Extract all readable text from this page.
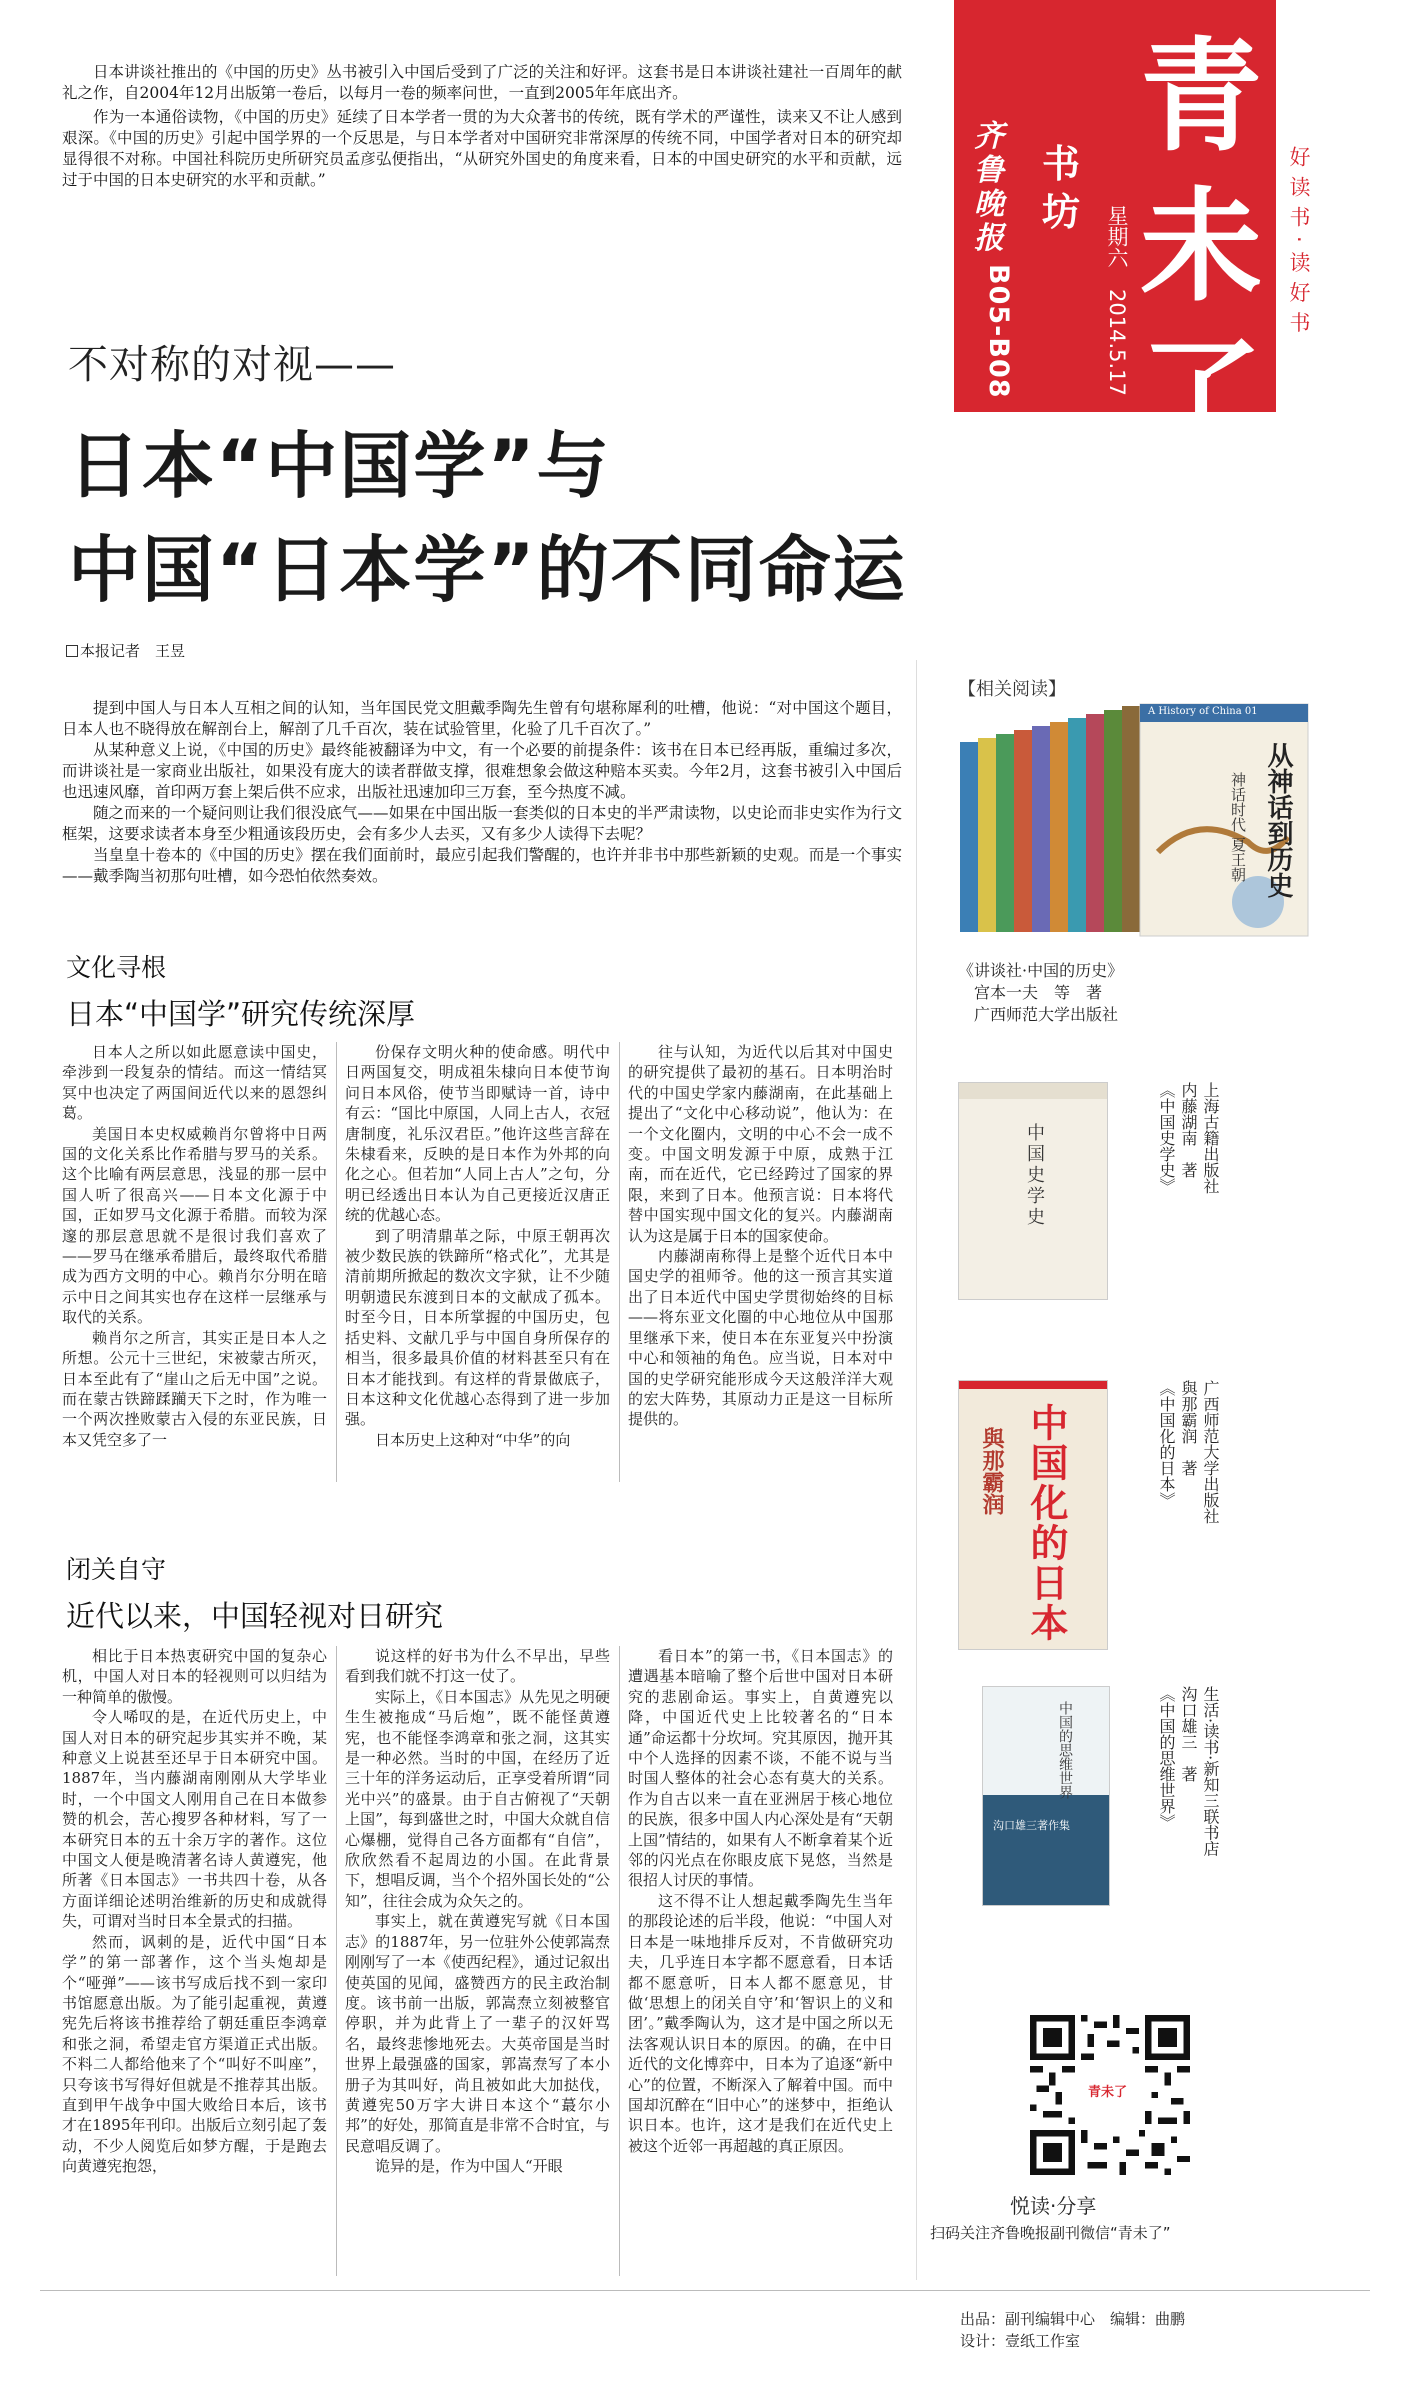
日本讲谈社推出的《中国的历史》丛书被引入中国后受到了广泛的关注和好评。这套书是日本讲谈社建社一百周年的献礼之作，自2004年12月出版第一卷后，以每月一卷的频率问世，一直到2005年年底出齐。

作为一本通俗读物，《中国的历史》延续了日本学者一贯的为大众著书的传统，既有学术的严谨性，读来又不让人感到艰深。《中国的历史》引起中国学界的一个反思是，与日本学者对中国研究非常深厚的传统不同，中国学者对日本的研究却显得很不对称。中国社科院历史所研究员孟彦弘便指出，“从研究外国史的角度来看，日本的中国史研究的水平和贡献，远过于中国的日本史研究的水平和贡献。”

齐鲁晚报
B05-B08
书坊 星期六　2014.5.17
青未了
好读书·读好书
不对称的对视——
日本“中国学”与
中国“日本学”的不同命运
本报记者　王昱

提到中国人与日本人互相之间的认知，当年国民党文胆戴季陶先生曾有句堪称犀利的吐槽，他说：“对中国这个题目，日本人也不晓得放在解剖台上，解剖了几千百次，装在试验管里，化验了几千百次了。”

从某种意义上说，《中国的历史》最终能被翻译为中文，有一个必要的前提条件：该书在日本已经再版，重编过多次，而讲谈社是一家商业出版社，如果没有庞大的读者群做支撑，很难想象会做这种赔本买卖。今年2月，这套书被引入中国后也迅速风靡，首印两万套上架后供不应求，出版社迅速加印三万套，至今热度不减。

随之而来的一个疑问则让我们很没底气——如果在中国出版一套类似的日本史的半严肃读物，以史论而非史实作为行文框架，这要求读者本身至少粗通该段历史，会有多少人去买，又有多少人读得下去呢？

当皇皇十卷本的《中国的历史》摆在我们面前时，最应引起我们警醒的，也许并非书中那些新颖的史观。而是一个事实——戴季陶当初那句吐槽，如今恐怕依然奏效。

文化寻根
日本“中国学”研究传统深厚

日本人之所以如此愿意读中国史，牵涉到一段复杂的情结。而这一情结冥冥中也决定了两国间近代以来的恩怨纠葛。

美国日本史权威赖肖尔曾将中日两国的文化关系比作希腊与罗马的关系。这个比喻有两层意思，浅显的那一层中国人听了很高兴——日本文化源于中国，正如罗马文化源于希腊。而较为深邃的那层意思就不是很讨我们喜欢了——罗马在继承希腊后，最终取代希腊成为西方文明的中心。赖肖尔分明在暗示中日之间其实也存在这样一层继承与取代的关系。

赖肖尔之所言，其实正是日本人之所想。公元十三世纪，宋被蒙古所灭，日本至此有了“崖山之后无中国”之说。而在蒙古铁蹄蹂躏天下之时，作为唯一一个两次挫败蒙古入侵的东亚民族，日本又凭空多了一

份保存文明火种的使命感。明代中日两国复交，明成祖朱棣向日本使节询问日本风俗，使节当即赋诗一首，诗中有云：“国比中原国，人同上古人，衣冠唐制度，礼乐汉君臣。”他许这些言辞在朱棣看来，反映的是日本作为外邦的向化之心。但若加“人同上古人”之句，分明已经透出日本认为自己更接近汉唐正统的优越心态。

到了明清鼎革之际，中原王朝再次被少数民族的铁蹄所“格式化”，尤其是清前期所掀起的数次文字狱，让不少随明朝遗民东渡到日本的文献成了孤本。时至今日，日本所掌握的中国历史，包括史料、文献几乎与中国自身所保存的相当，很多最具价值的材料甚至只有在日本才能找到。有这样的背景做底子，日本这种文化优越心态得到了进一步加强。

日本历史上这种对“中华”的向

往与认知，为近代以后其对中国史的研究提供了最初的基石。日本明治时代的中国史学家内藤湖南，在此基础上提出了“文化中心移动说”，他认为：在一个文化圈内，文明的中心不会一成不变。中国文明发源于中原，成熟于江南，而在近代，它已经跨过了国家的界限，来到了日本。他预言说：日本将代替中国实现中国文化的复兴。内藤湖南认为这是属于日本的国家使命。

内藤湖南称得上是整个近代日本中国史学的祖师爷。他的这一预言其实道出了日本近代中国史学贯彻始终的目标——将东亚文化圈的中心地位从中国那里继承下来，使日本在东亚复兴中扮演中心和领袖的角色。应当说，日本对中国的史学研究能形成今天这般洋洋大观的宏大阵势，其原动力正是这一目标所提供的。

闭关自守
近代以来，中国轻视对日研究

相比于日本热衷研究中国的复杂心机，中国人对日本的轻视则可以归结为一种简单的傲慢。

令人唏叹的是，在近代历史上，中国人对日本的研究起步其实并不晚，某种意义上说甚至还早于日本研究中国。1887年，当内藤湖南刚刚从大学毕业时，一个中国文人刚用自己在日本做参赞的机会，苦心搜罗各种材料，写了一本研究日本的五十余万字的著作。这位中国文人便是晚清著名诗人黄遵宪，他所著《日本国志》一书共四十卷，从各方面详细论述明治维新的历史和成就得失，可谓对当时日本全景式的扫描。

然而，讽刺的是，近代中国“日本学”的第一部著作，这个当头炮却是个“哑弹”——该书写成后找不到一家印书馆愿意出版。为了能引起重视，黄遵宪先后将该书推荐给了朝廷重臣李鸿章和张之洞，希望走官方渠道正式出版。不料二人都给他来了个“叫好不叫座”，只夸该书写得好但就是不推荐其出版。直到甲午战争中国大败给日本后，该书才在1895年刊印。出版后立刻引起了轰动，不少人阅览后如梦方醒，于是跑去向黄遵宪抱怨，

说这样的好书为什么不早出，早些看到我们就不打这一仗了。

实际上，《日本国志》从先见之明硬生生被拖成“马后炮”，既不能怪黄遵宪，也不能怪李鸿章和张之洞，这其实是一种必然。当时的中国，在经历了近三十年的洋务运动后，正享受着所谓“同光中兴”的盛景。由于自古俯视了“天朝上国”，每到盛世之时，中国大众就自信心爆棚，觉得自己各方面都有“自信”，欣欣然看不起周边的小国。在此背景下，想唱反调，当个个招外国长处的“公知”，往往会成为众矢之的。

事实上，就在黄遵宪写就《日本国志》的1887年，另一位驻外公使郭嵩焘刚刚写了一本《使西纪程》，通过记叙出使英国的见闻，盛赞西方的民主政治制度。该书前一出版，郭嵩焘立刻被整官停职，并为此背上了一辈子的汉奸骂名，最终悲惨地死去。大英帝国是当时世界上最强盛的国家，郭嵩焘写了本小册子为其叫好，尚且被如此大加挞伐，黄遵宪50万字大讲日本这个“蕞尔小邦”的好处，那简直是非常不合时宜，与民意唱反调了。

诡异的是，作为中国人“开眼

看日本”的第一书，《日本国志》的遭遇基本暗喻了整个后世中国对日本研究的悲剧命运。事实上，自黄遵宪以降，中国近代史上比较著名的“日本通”命运都十分坎坷。究其原因，抛开其中个人选择的因素不谈，不能不说与当时国人整体的社会心态有莫大的关系。作为自古以来一直在亚洲居于核心地位的民族，很多中国人内心深处是有“天朝上国”情结的，如果有人不断拿着某个近邻的闪光点在你眼皮底下晃悠，当然是很招人讨厌的事情。

这不得不让人想起戴季陶先生当年的那段论述的后半段，他说：“中国人对日本是一味地排斥反对，不肯做研究功夫，几乎连日本字都不愿意看，日本话都不愿意听，日本人都不愿意见，甘做‘思想上的闭关自守’和‘智识上的义和团’。”戴季陶认为，这才是中国之所以无法客观认识日本的原因。的确，在中日近代的文化博弈中，日本为了追逐“新中心”的位置，不断深入了解着中国。而中国却沉醉在“旧中心”的迷梦中，拒绝认识日本。也许，这才是我们在近代史上被这个近邻一再超越的真正原因。

【相关阅读】
A History of China 01
从神话到历史
神话时代 夏王朝
《讲谈社·中国的历史》
宫本一夫　等　著
广西师范大学出版社
中国史学史	《中国史学史》 内藤湖南　著 上海古籍出版社
中国化的日本
與那霸润	《中国化的日本》 與那霸润　著 广西师范大学出版社
中国的思维世界
沟口雄三著作集	《中国的思维世界》 沟口雄三　著 生活·读书·新知三联书店
青未了
悦读·分享
扫码关注齐鲁晚报副刊微信“青未了”
出品：副刊编辑中心　编辑：曲鹏
设计：壹纸工作室
